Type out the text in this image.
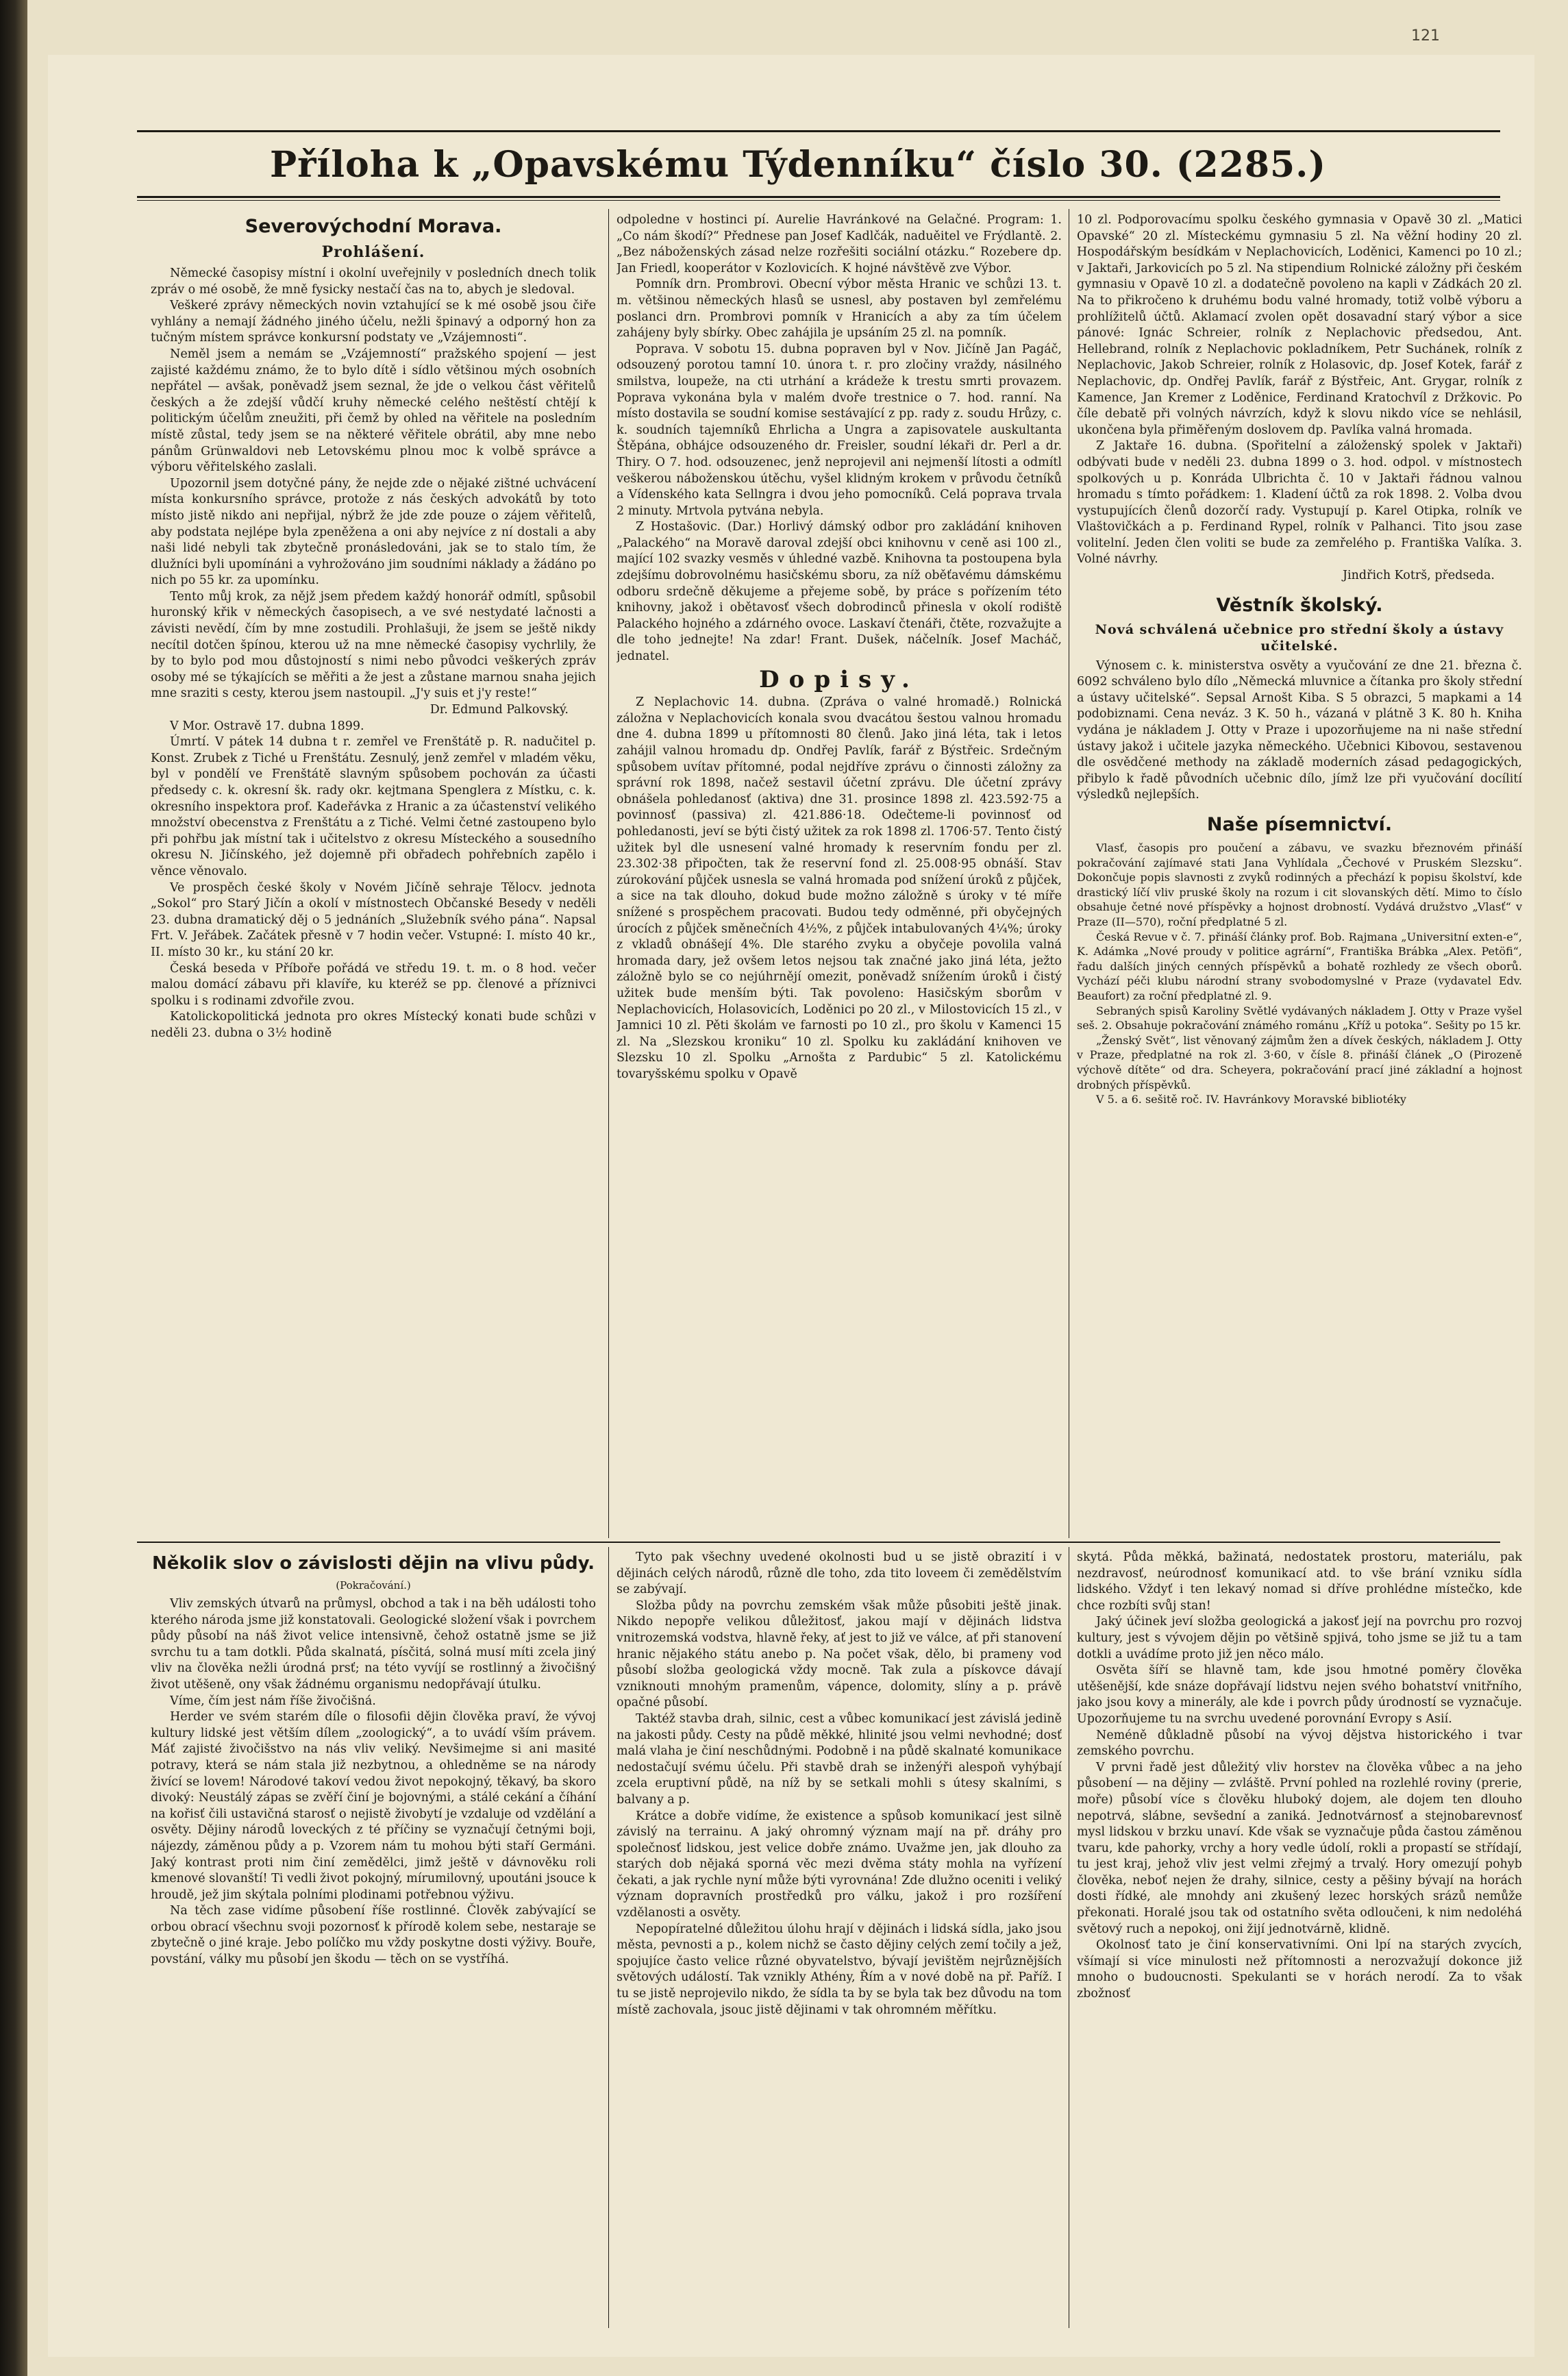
121
Příloha k „Opavskému Týdenníku“ číslo 30. (2285.)
Severovýchodní Morava.
Prohlášení.

Německé časopisy místní i okolní uveřejnily v posledních dnech tolik zpráv o mé osobě, že mně fysicky nestačí čas na to, abych je sledoval.

Veškeré zprávy německých novin vztahující se k mé osobě jsou čiře vyhlány a nemají žádného jiného účelu, nežli špinavý a odporný hon za tučným místem správce konkursní podstaty ve „Vzájemnosti“.

Neměl jsem a nemám se „Vzájemností“ pražského spojení — jest zajisté každému známo, že to bylo dítě i sídlo většinou mých osobních nepřátel — avšak, poněvadž jsem seznal, že jde o velkou část věřitelů českých a že zdejší vůdčí kruhy německé celého neštěstí chtějí k politickým účelům zneužiti, při čemž by ohled na věřitele na posledním místě zůstal, tedy jsem se na některé věřitele obrátil, aby mne nebo pánům Grünwaldovi neb Letovskému plnou moc k volbě správce a výboru věřitelského zaslali.

Upozornil jsem dotyčné pány, že nejde zde o nějaké zištné uchvácení místa konkursního správce, protože z nás českých advokátů by toto místo jistě nikdo ani nepřijal, nýbrž že jde zde pouze o zájem věřitelů, aby podstata nejlépe byla zpeněžena a oni aby nejvíce z ní dostali a aby naši lidé nebyli tak zbytečně pronásledováni, jak se to stalo tím, že dlužníci byli upomínáni a vyhrožováno jim soudními náklady a žádáno po nich po 55 kr. za upomínku.

Tento můj krok, za nějž jsem předem každý honorář odmítl, spůsobil huronský křik v německých časopisech, a ve své nestydaté lačnosti a závisti nevědí, čím by mne zostudili. Prohlašuji, že jsem se ještě nikdy necítil dotčen špínou, kterou už na mne německé časopisy vychrlily, že by to bylo pod mou důstojností s nimi nebo původci veškerých zpráv osoby mé se týkajících se měřiti a že jest a zůstane marnou snaha jejich mne sraziti s cesty, kterou jsem nastoupil. „J'y suis et j'y reste!“

Dr. Edmund Palkovský.

V Mor. Ostravě 17. dubna 1899.

Úmrtí. V pátek 14 dubna t r. zemřel ve Frenštátě p. R. nadučitel p. Konst. Zrubek z Tiché u Frenštátu. Zesnulý, jenž zemřel v mladém věku, byl v pondělí ve Frenštátě slavným spůsobem pochován za účasti předsedy c. k. okresní šk. rady okr. kejtmana Spenglera z Místku, c. k. okresního inspektora prof. Kadeřávka z Hranic a za účastenství velikého množství obecenstva z Frenštátu a z Tiché. Velmi četné zastoupeno bylo při pohřbu jak místní tak i učitelstvo z okresu Místeckého a sousedního okresu N. Jičínského, jež dojemně při obřadech pohřebních zapělo i věnce věnovalo.

Ve prospěch české školy v Novém Jičíně sehraje Tělocv. jednota „Sokol“ pro Starý Jičín a okolí v místnostech Občanské Besedy v neděli 23. dubna dramatický děj o 5 jednáních „Služebník svého pána“. Napsal Frt. V. Jeřábek. Začátek přesně v 7 hodin večer. Vstupné: I. místo 40 kr., II. místo 30 kr., ku stání 20 kr.

Česká beseda v Příboře pořádá ve středu 19. t. m. o 8 hod. večer malou domácí zábavu při klavíře, ku kteréž se pp. členové a příznivci spolku i s rodinami zdvořile zvou.

Katolickopolitická jednota pro okres Místecký konati bude schůzi v neděli 23. dubna o 3½ hodině

odpoledne v hostinci pí. Aurelie Havránkové na Gelačné. Program: 1. „Co nám škodí?“ Přednese pan Josef Kadlčák, naduěitel ve Frýdlantě. 2. „Bez náboženských zásad nelze rozřešiti sociální otázku.“ Rozebere dp. Jan Friedl, kooperátor v Kozlovicích. K hojné návštěvě zve Výbor.

Pomník drn. Prombrovi. Obecní výbor města Hranic ve schůzi 13. t. m. většinou německých hlasů se usnesl, aby postaven byl zemřelému poslanci drn. Prombrovi pomník v Hranicích a aby za tím účelem zahájeny byly sbírky. Obec zahájila je upsáním 25 zl. na pomník.

Poprava. V sobotu 15. dubna popraven byl v Nov. Jičíně Jan Pagáč, odsouzený porotou tamní 10. února t. r. pro zločiny vraždy, násilného smilstva, loupeže, na cti utrhání a krádeže k trestu smrti provazem. Poprava vykonána byla v malém dvoře trestnice o 7. hod. ranní. Na místo dostavila se soudní komise sestávající z pp. rady z. soudu Hrůzy, c. k. soudních tajemníků Ehrlicha a Ungra a zapisovatele auskultanta Štěpána, obhájce odsouzeného dr. Freisler, soudní lékaři dr. Perl a dr. Thiry. O 7. hod. odsouzenec, jenž neprojevil ani nejmenší lítosti a odmítl veškerou náboženskou útěchu, vyšel klidným krokem v průvodu četníků a Vídenského kata Sellngra i dvou jeho pomocníků. Celá poprava trvala 2 minuty. Mrtvola pytvána nebyla.

Z Hostašovic. (Dar.) Horlivý dámský odbor pro zakládání knihoven „Palackého“ na Moravě daroval zdejší obci knihovnu v ceně asi 100 zl., mající 102 svazky vesměs v úhledné vazbě. Knihovna ta postoupena byla zdejšímu dobrovolnému hasičskému sboru, za níž oběťavému dámskému odboru srdečně děkujeme a přejeme sobě, by práce s pořízením této knihovny, jakož i obětavosť všech dobrodinců přinesla v okolí rodiště Palackého hojného a zdárného ovoce. Laskaví čtenáři, čtěte, rozvažujte a dle toho jednejte! Na zdar! Frant. Dušek, náčelník. Josef Macháč, jednatel.

Dopisy.

Z Neplachovic 14. dubna. (Zpráva o valné hromadě.) Rolnická záložna v Neplachovicích konala svou dvacátou šestou valnou hromadu dne 4. dubna 1899 u přítomnosti 80 členů. Jako jiná léta, tak i letos zahájil valnou hromadu dp. Ondřej Pavlík, farář z Býstřeic. Srdečným spůsobem uvítav přítomné, podal nejdříve zprávu o činnosti záložny za správní rok 1898, načež sestavil účetní zprávu. Dle účetní zprávy obnášela pohledanosť (aktiva) dne 31. prosince 1898 zl. 423.592·75 a povinnosť (passiva) zl. 421.886·18. Odečteme-li povinnosť od pohledanosti, jeví se býti čistý užitek za rok 1898 zl. 1706·57. Tento čistý užitek byl dle usnesení valné hromady k reservním fondu per zl. 23.302·38 připočten, tak že reservní fond zl. 25.008·95 obnáší. Stav zúrokování půjček usnesla se valná hromada pod snížení úroků z půjček, a sice na tak dlouho, dokud bude možno záložně s úroky v té míře snížené s prospěchem pracovati. Budou tedy odměnné, při obyčejných úrocích z půjček směnečních 4½%, z půjček intabulovaných 4¼%; úroky z vkladů obnášejí 4%. Dle starého zvyku a obyčeje povolila valná hromada dary, jež ovšem letos nejsou tak značné jako jiná léta, ježto záložně bylo se co nejúhrnějí omezit, poněvadž snížením úroků i čistý užitek bude menším býti. Tak povoleno: Hasičským sborům v Neplachovicích, Holasovicích, Loděnici po 20 zl., v Milostovicích 15 zl., v Jamnici 10 zl. Pěti školám ve farnosti po 10 zl., pro školu v Kamenci 15 zl. Na „Slezskou kroniku“ 10 zl. Spolku ku zakládání knihoven ve Slezsku 10 zl. Spolku „Arnošta z Pardubic“ 5 zl. Katolickému tovaryšskému spolku v Opavě

10 zl. Podporovacímu spolku českého gymnasia v Opavě 30 zl. „Matici Opavské“ 20 zl. Místeckému gymnasiu 5 zl. Na věžní hodiny 20 zl. Hospodářským besídkám v Neplachovicích, Loděnici, Kamenci po 10 zl.; v Jaktaři, Jarkovicích po 5 zl. Na stipendium Rolnické záložny při českém gymnasiu v Opavě 10 zl. a dodatečně povoleno na kapli v Zádkách 20 zl. Na to přikročeno k druhému bodu valné hromady, totiž volbě výboru a prohlížitelů účtů. Aklamací zvolen opět dosavadní starý výbor a sice pánové: Ignác Schreier, rolník z Neplachovic předsedou, Ant. Hellebrand, rolník z Neplachovic pokladníkem, Petr Suchánek, rolník z Neplachovic, Jakob Schreier, rolník z Holasovic, dp. Josef Kotek, farář z Neplachovic, dp. Ondřej Pavlík, farář z Býstřeic, Ant. Grygar, rolník z Kamence, Jan Kremer z Loděnice, Ferdinand Kratochvíl z Držkovic. Po číle debatě při volných návrzích, když k slovu nikdo více se nehlásil, ukončena byla přiměřeným doslovem dp. Pavlíka valná hromada.

Z Jaktaře 16. dubna. (Spořitelní a záloženský spolek v Jaktaři) odbývati bude v neděli 23. dubna 1899 o 3. hod. odpol. v místnostech spolkových u p. Konráda Ulbrichta č. 10 v Jaktaři řádnou valnou hromadu s tímto pořádkem: 1. Kladení účtů za rok 1898. 2. Volba dvou vystupujících členů dozorčí rady. Vystupují p. Karel Otipka, rolník ve Vlaštovičkách a p. Ferdinand Rypel, rolník v Palhanci. Tito jsou zase volitelní. Jeden člen voliti se bude za zemřelého p. Františka Valíka. 3. Volné návrhy.

Jindřich Kotrš, předseda.

Věstník školský.
Nová schválená učebnice pro střední školy a ústavy učitelské.

Výnosem c. k. ministerstva osvěty a vyučování ze dne 21. března č. 6092 schváleno bylo dílo „Německá mluvnice a čítanka pro školy střední a ústavy učitelské“. Sepsal Arnošt Kiba. S 5 obrazci, 5 mapkami a 14 podobiznami. Cena neváz. 3 K. 50 h., vázaná v plátně 3 K. 80 h. Kniha vydána je nákladem J. Otty v Praze i upozorňujeme na ni naše střední ústavy jakož i učitele jazyka německého. Učebnici Kibovou, sestavenou dle osvědčené methody na základě moderních zásad pedagogických, přibylo k řadě původních učebnic dílo, jímž lze při vyučování docílití výsledků nejlepších.

Naše písemnictví.

Vlasť, časopis pro poučení a zábavu, ve svazku březnovém přináší pokračování zajímavé stati Jana Vyhlídala „Čechové v Pruském Slezsku“. Dokončuje popis slavnosti z zvyků rodinných a přechází k popisu školství, kde drastický líčí vliv pruské školy na rozum i cit slovanských dětí. Mimo to číslo obsahuje četné nové příspěvky a hojnost drobností. Vydává družstvo „Vlasť“ v Praze (II—570), roční předplatné 5 zl.

Česká Revue v č. 7. přináší články prof. Bob. Rajmana „Universitní exten-e“, K. Adámka „Nové proudy v politice agrární“, Františka Brábka „Alex. Petöfi“, řadu dalších jiných cenných příspěvků a bohatě rozhledy ze všech oborů. Vychází péči klubu národní strany svobodomyslné v Praze (vydavatel Edv. Beaufort) za roční předplatné zl. 9.

Sebraných spisů Karoliny Světlé vydávaných nákladem J. Otty v Praze vyšel seš. 2. Obsahuje pokračování známého románu „Kříž u potoka“. Sešity po 15 kr.

„Ženský Svět“, list věnovaný zájmům žen a dívek českých, nákladem J. Otty v Praze, předplatné na rok zl. 3·60, v čísle 8. přináší článek „O (Pirozeně výchově dítěte“ od dra. Scheyera, pokračování prací jiné základní a hojnost drobných příspěvků.

V 5. a 6. sešitě roč. IV. Havránkovy Moravské bibliotéky

Několik slov o závislosti dějin na vlivu půdy.
(Pokračování.)

Vliv zemských útvarů na průmysl, obchod a tak i na běh události toho kterého národa jsme již konstatovali. Geologické složení však i povrchem půdy působí na náš život velice intensivně, čehož ostatně jsme se již svrchu tu a tam dotkli. Půda skalnatá, písčitá, solná musí míti zcela jiný vliv na člověka nežli úrodná prsť; na této vyvíjí se rostlinný a živočišný život utěšeně, ony však žádnému organismu nedopřávají útulku.

Víme, čím jest nám říše živočišná.

Herder ve svém starém díle o filosofii dějin člověka praví, že vývoj kultury lidské jest větším dílem „zoologický“, a to uvádí vším právem. Máť zajisté živočišstvo na nás vliv veliký. Nevšimejme si ani masité potravy, která se nám stala již nezbytnou, a ohledněme se na národy živící se lovem! Národové takoví vedou život nepokojný, těkavý, ba skoro divoký: Neustálý zápas se zvěří činí je bojovnými, a stálé cekání a číhání na kořisť čili ustavičná starosť o nejistě živobytí je vzdaluje od vzdělání a osvěty. Dějiny národů loveckých z té příčiny se vyznačují četnými boji, nájezdy, záměnou půdy a p. Vzorem nám tu mohou býti staří Germáni. Jaký kontrast proti nim činí zemědělci, jimž ještě v dávnověku roli kmenové slovanští! Ti vedli život pokojný, mírumilovný, upoutáni jsouce k hroudě, jež jim skýtala polními plodinami potřebnou výživu.

Na těch zase vidíme působení říše rostlinné. Člověk zabývající se orbou obrací všechnu svoji pozornosť k přírodě kolem sebe, nestaraje se zbytečně o jiné kraje. Jebo políčko mu vždy poskytne dosti výživy. Bouře, povstání, války mu působí jen škodu — těch on se vystříhá.

Tyto pak všechny uvedené okolnosti bud u se jistě obrazití i v dějinách celých národů, různě dle toho, zda tito loveem či zemědělstvím se zabývají.

Složba půdy na povrchu zemském však může působiti ještě jinak. Nikdo nepopře velikou důležitosť, jakou mají v dějinách lidstva vnitrozemská vodstva, hlavně řeky, ať jest to již ve válce, ať při stanovení hranic nějakého státu anebo p. Na počet však, dělo, bi prameny vod působí složba geologická vždy mocně. Tak zula a pískovce dávají vzniknouti mnohým pramenům, vápence, dolomity, slíny a p. právě opačné působí.

Taktéž stavba drah, silnic, cest a vůbec komunikací jest závislá jedině na jakosti půdy. Cesty na půdě měkké, hlinité jsou velmi nevhodné; dosť malá vlaha je činí neschůdnými. Podobně i na půdě skalnaté komunikace nedostačují svému účelu. Při stavbě drah se inženýři alespoň vyhýbají zcela eruptivní půdě, na níž by se setkali mohli s útesy skalními, s balvany a p.

Krátce a dobře vidíme, že existence a spůsob komunikací jest silně závislý na terrainu. A jaký ohromný význam mají na př. dráhy pro společnosť lidskou, jest velice dobře známo. Uvažme jen, jak dlouho za starých dob nějaká sporná věc mezi dvěma státy mohla na vyřízení čekati, a jak rychle nyní může býti vyrovnána! Zde dlužno oceniti i veliký význam dopravních prostředků pro válku, jakož i pro rozšíření vzdělanosti a osvěty.

Nepopíratelné důležitou úlohu hrají v dějinách i lidská sídla, jako jsou města, pevnosti a p., kolem nichž se často dějiny celých zemí točily a jež, spojujíce často velice různé obyvatelstvo, bývají jevištěm nejrůznějších světových událostí. Tak vznikly Athény, Řím a v nové době na př. Paříž. I tu se jistě neprojevilo nikdo, že sídla ta by se byla tak bez důvodu na tom místě zachovala, jsouc jistě dějinami v tak ohromném měřítku.

skytá. Půda měkká, bažinatá, nedostatek prostoru, materiálu, pak nezdravosť, neúrodnosť komunikací atd. to vše brání vzniku sídla lidského. Vždyť i ten lekavý nomad si dříve prohlédne místečko, kde chce rozbíti svůj stan!

Jaký účinek jeví složba geologická a jakosť její na povrchu pro rozvoj kultury, jest s vývojem dějin po většině spjivá, toho jsme se již tu a tam dotkli a uvádíme proto již jen něco málo.

Osvěta šíří se hlavně tam, kde jsou hmotné poměry člověka utěšenější, kde snáze dopřávají lidstvu nejen svého bohatství vnitřního, jako jsou kovy a minerály, ale kde i povrch půdy úrodností se vyznačuje. Upozorňujeme tu na svrchu uvedené porovnání Evropy s Asií.

Neméně důkladně působí na vývoj dějstva historického i tvar zemského povrchu.

V prvni řadě jest důležitý vliv horstev na člověka vůbec a na jeho působení — na dějiny — zvláště. První pohled na rozlehlé roviny (prerie, moře) působí více s člověku hluboký dojem, ale dojem ten dlouho nepotrvá, slábne, sevšední a zaniká. Jednotvárnosť a stejnobarevnosť mysl lidskou v brzku unaví. Kde však se vyznačuje půda častou záměnou tvaru, kde pahorky, vrchy a hory vedle údolí, rokli a propastí se střídají, tu jest kraj, jehož vliv jest velmi zřejmý a trvalý. Hory omezují pohyb člověka, neboť nejen že drahy, silnice, cesty a pěšiny bývají na horách dosti řídké, ale mnohdy ani zkušený lezec horských srázů nemůže překonati. Horalé jsou tak od ostatního světa odloučeni, k nim nedoléhá světový ruch a nepokoj, oni žijí jednotvárně, klidně.

Okolnosť tato je činí konservativními. Oni lpí na starých zvycích, všímají si více minulosti než přítomnosti a nerozvažují dokonce již mnoho o budoucnosti. Spekulanti se v horách nerodí. Za to však zbožnosť
